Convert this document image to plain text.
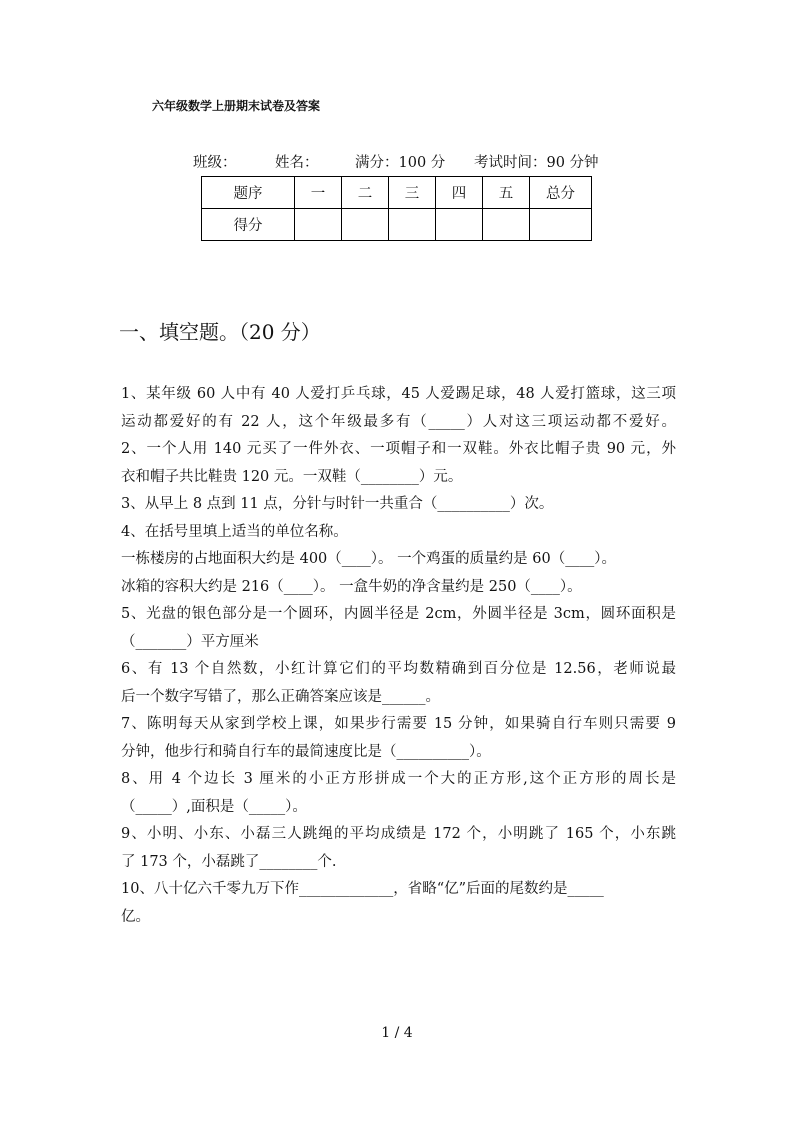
六年级数学上册期末试卷及答案
班级：	姓名：	满分：100 分 考试时间：90 分钟
题序	一	二	三	四	五	总分
得分						
一、填空题。（20 分）
1、某年级 60 人中有 40 人爱打乒乓球，45 人爱踢足球，48 人爱打篮球，这三项
运动都爱好的有 22 人，这个年级最多有（_____）人对这三项运动都不爱好。
2、一个人用 140 元买了一件外衣、一项帽子和一双鞋。外衣比帽子贵 90 元，外
衣和帽子共比鞋贵 120 元。一双鞋（________）元。
3、从早上 8 点到 11 点，分针与时针一共重合（__________）次。
4、在括号里填上适当的单位名称。
一栋楼房的占地面积大约是 400（____）。 一个鸡蛋的质量约是 60（____）。
冰箱的容积大约是 216（____）。 一盒牛奶的净含量约是 250（____）。
5、光盘的银色部分是一个圆环，内圆半径是 2cm，外圆半径是 3cm，圆环面积是
（_______）平方厘米
6、有 13 个自然数，小红计算它们的平均数精确到百分位是 12.56，老师说最
后一个数字写错了，那么正确答案应该是______。
7、陈明每天从家到学校上课，如果步行需要 15 分钟，如果骑自行车则只需要 9
分钟，他步行和骑自行车的最简速度比是（__________）。
8、用 4 个边长 3 厘米的小正方形拼成一个大的正方形,这个正方形的周长是
（_____）,面积是（_____）。
9、小明、小东、小磊三人跳绳的平均成绩是 172 个，小明跳了 165 个，小东跳
了 173 个，小磊跳了________个.
10、八十亿六千零九万下作_____________，省略“亿”后面的尾数约是_____
亿。
1 / 4
